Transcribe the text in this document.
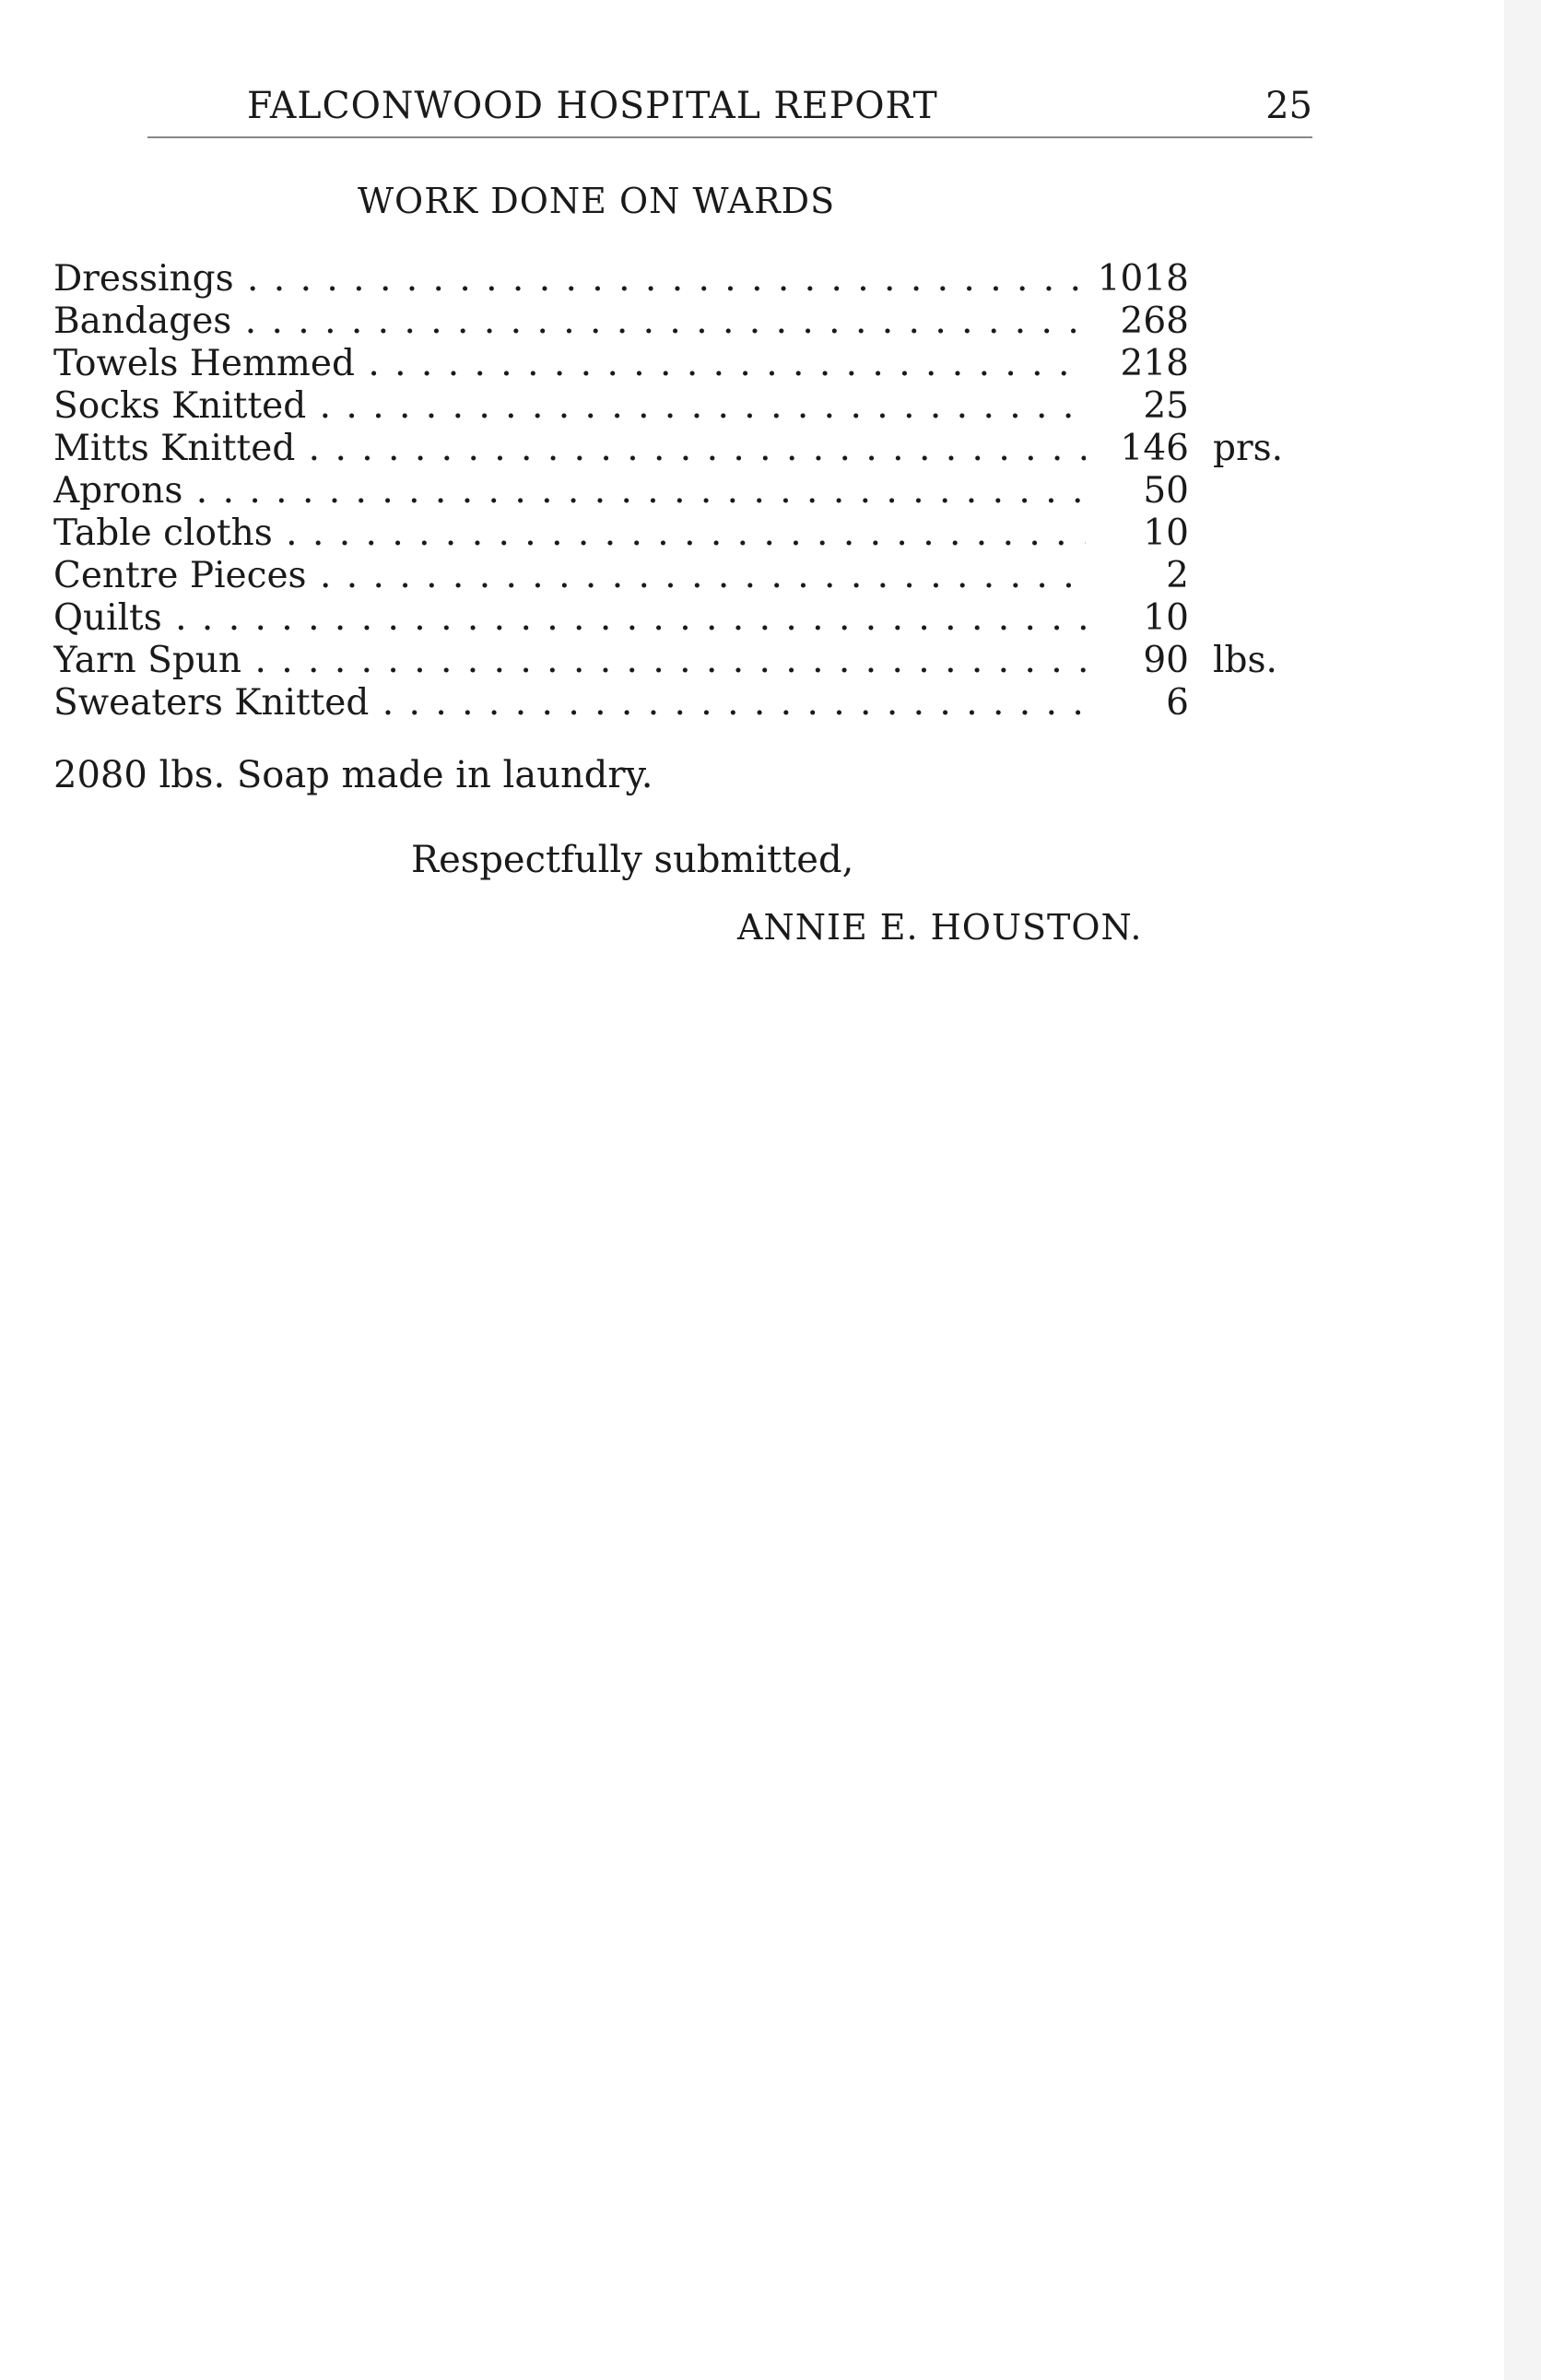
FALCONWOOD HOSPITAL REPORT	25
WORK DONE ON WARDS
Dressings . . .	1018
Bandages . . .	268
Towels Hemmed . . .	218
Socks Knitted . . .	25
Mitts Knitted . . .	146 prs.
Aprons . . .	50
Table cloths . . .	10
Centre Pieces . . .	2
Quilts . . .	10
Yarn Spun . . .	90 lbs.
Sweaters Knitted . . .	6
2080 lbs. Soap made in laundry.
Respectfully submitted,
ANNIE E. HOUSTON.
